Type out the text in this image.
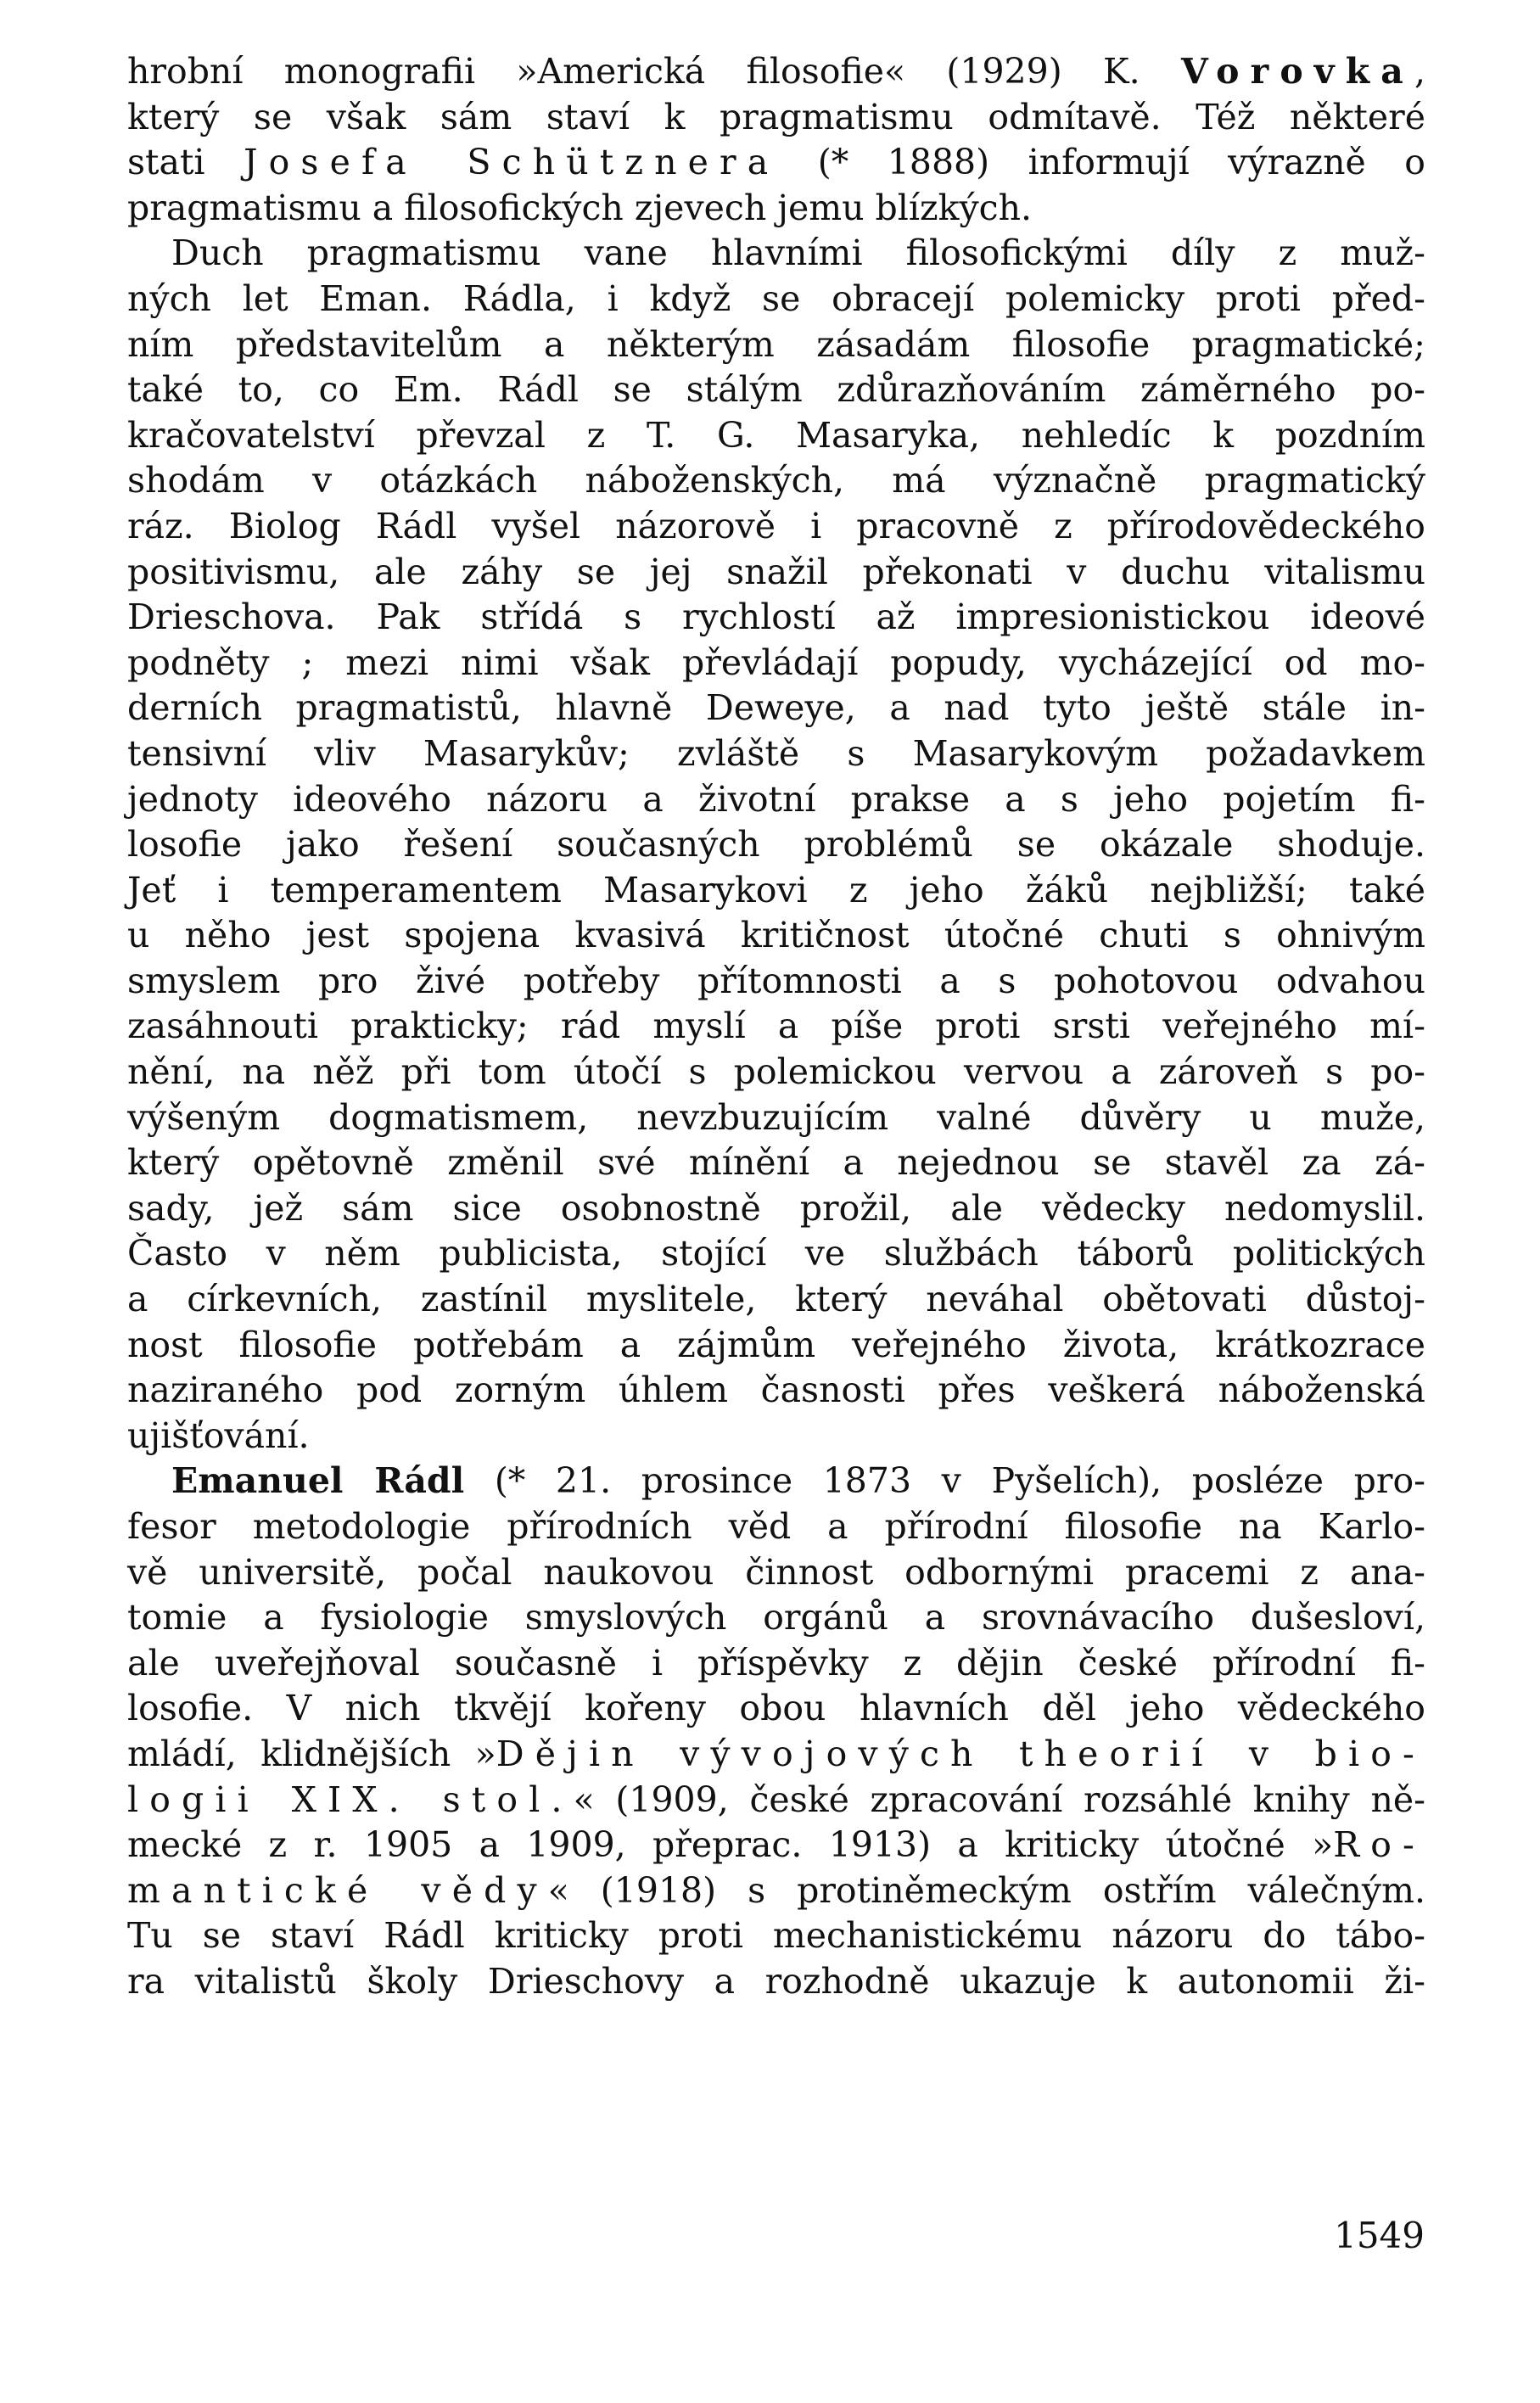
hrobní monografii »Americká filosofie« (1929) K. Vorovka,
který se však sám staví k pragmatismu odmítavě. Též některé
stati Josefa Schütznera (* 1888) informují výrazně o
pragmatismu a filosofických zjevech jemu blízkých.
Duch pragmatismu vane hlavními filosofickými díly z muž-
ných let Eman. Rádla, i když se obracejí polemicky proti před-
ním představitelům a některým zásadám filosofie pragmatické;
také to, co Em. Rádl se stálým zdůrazňováním záměrného po-
kračovatelství převzal z T. G. Masaryka, nehledíc k pozdním
shodám v otázkách náboženských, má význačně pragmatický
ráz. Biolog Rádl vyšel názorově i pracovně z přírodovědeckého
positivismu, ale záhy se jej snažil překonati v duchu vitalismu
Drieschova. Pak střídá s rychlostí až impresionistickou ideové
podněty ; mezi nimi však převládají popudy, vycházející od mo-
derních pragmatistů, hlavně Deweye, a nad tyto ještě stále in-
tensivní vliv Masarykův; zvláště s Masarykovým požadavkem
jednoty ideového názoru a životní prakse a s jeho pojetím fi-
losofie jako řešení současných problémů se okázale shoduje.
Jeť i temperamentem Masarykovi z jeho žáků nejbližší; také
u něho jest spojena kvasivá kritičnost útočné chuti s ohnivým
smyslem pro živé potřeby přítomnosti a s pohotovou odvahou
zasáhnouti prakticky; rád myslí a píše proti srsti veřejného mí-
nění, na něž při tom útočí s polemickou vervou a zároveň s po-
výšeným dogmatismem, nevzbuzujícím valné důvěry u muže,
který opětovně změnil své mínění a nejednou se stavěl za zá-
sady, jež sám sice osobnostně prožil, ale vědecky nedomyslil.
Často v něm publicista, stojící ve službách táborů politických
a církevních, zastínil myslitele, který neváhal obětovati důstoj-
nost filosofie potřebám a zájmům veřejného života, krátkozrace
naziraného pod zorným úhlem časnosti přes veškerá náboženská
ujišťování.
Emanuel Rádl (* 21. prosince 1873 v Pyšelích), posléze pro-
fesor metodologie přírodních věd a přírodní filosofie na Karlo-
vě universitě, počal naukovou činnost odbornými pracemi z ana-
tomie a fysiologie smyslových orgánů a srovnávacího dušesloví,
ale uveřejňoval současně i příspěvky z dějin české přírodní fi-
losofie. V nich tkvějí kořeny obou hlavních děl jeho vědeckého
mládí, klidnějších »Dějin vývojových theorií v bio-
logii XIX. stol.« (1909, české zpracování rozsáhlé knihy ně-
mecké z r. 1905 a 1909, přeprac. 1913) a kriticky útočné »Ro-
mantické vědy« (1918) s protiněmeckým ostřím válečným.
Tu se staví Rádl kriticky proti mechanistickému názoru do tábo-
ra vitalistů školy Drieschovy a rozhodně ukazuje k autonomii ži-
1549
